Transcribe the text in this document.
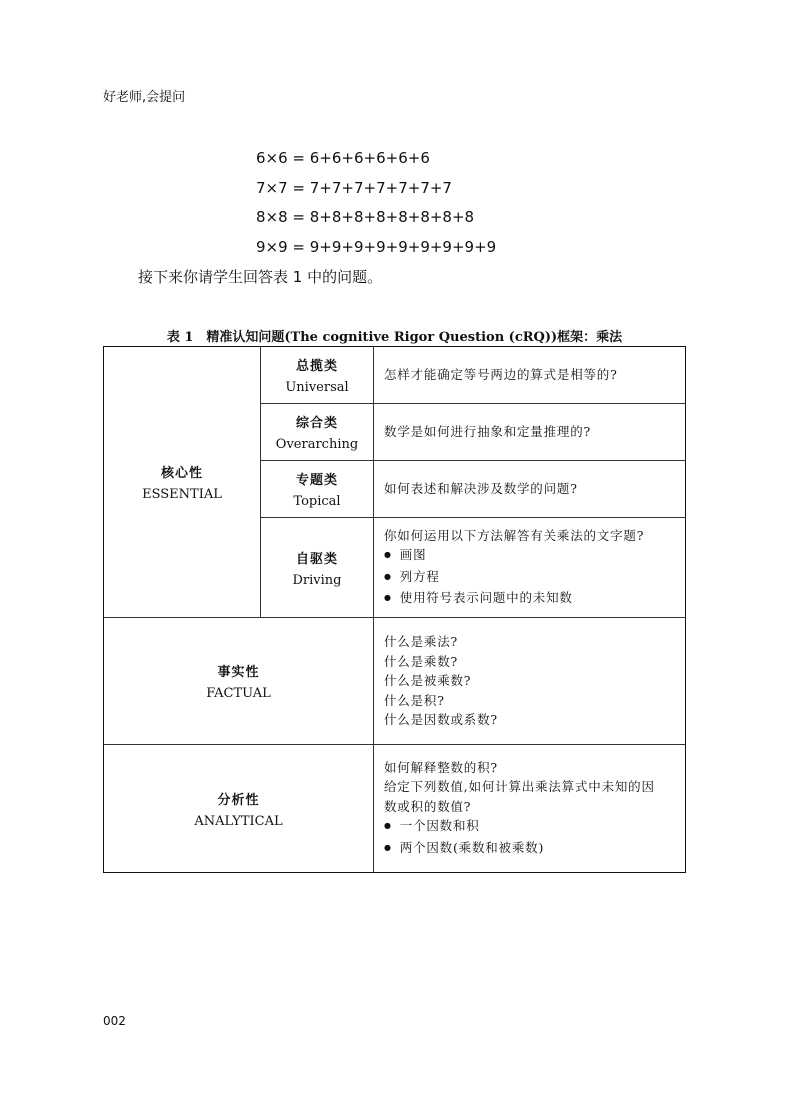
好老师,会提问
6×6 = 6+6+6+6+6+6
7×7 = 7+7+7+7+7+7+7
8×8 = 8+8+8+8+8+8+8+8
9×9 = 9+9+9+9+9+9+9+9+9
接下来你请学生回答表 1 中的问题。
表 1　精准认知问题(The cognitive Rigor Question (cRQ))框架：乘法
核心性
ESSENTIAL
总揽类
Universal
怎样才能确定等号两边的算式是相等的?
综合类
Overarching
数学是如何进行抽象和定量推理的?
专题类
Topical
如何表述和解决涉及数学的问题?
自驱类
Driving
你如何运用以下方法解答有关乘法的文字题?
● 画图
● 列方程
● 使用符号表示问题中的未知数
事实性
FACTUAL
什么是乘法?
什么是乘数?
什么是被乘数?
什么是积?
什么是因数或系数?
分析性
ANALYTICAL
如何解释整数的积?
给定下列数值,如何计算出乘法算式中未知的因
数或积的数值?
● 一个因数和积
● 两个因数(乘数和被乘数)
002
